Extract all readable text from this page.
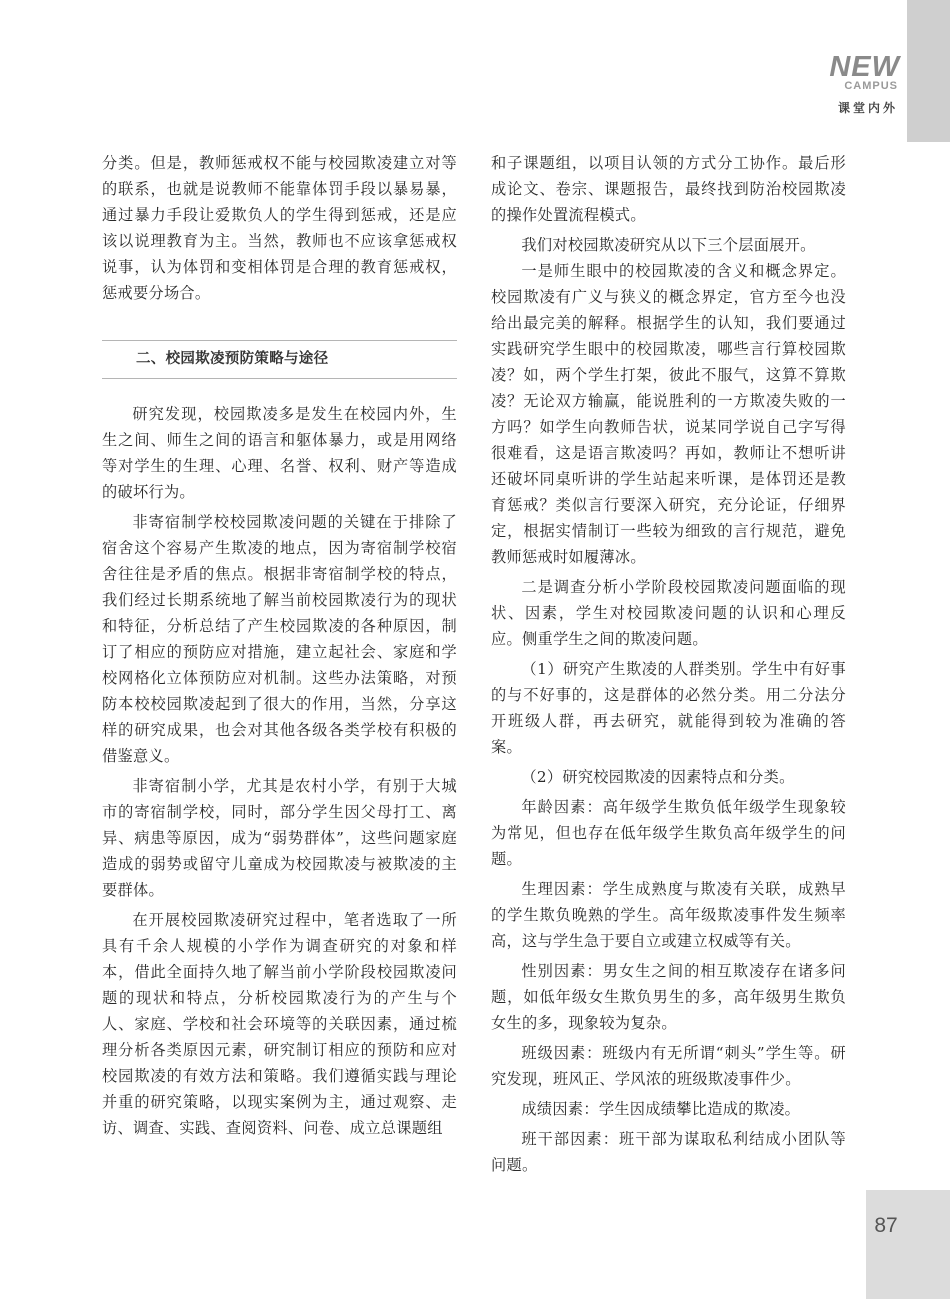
NEW
CAMPUS
课堂内外

分类。但是，教师惩戒权不能与校园欺凌建立对等的联系，也就是说教师不能靠体罚手段以暴易暴，通过暴力手段让爱欺负人的学生得到惩戒，还是应该以说理教育为主。当然，教师也不应该拿惩戒权说事，认为体罚和变相体罚是合理的教育惩戒权，惩戒要分场合。

二、校园欺凌预防策略与途径

研究发现，校园欺凌多是发生在校园内外，生生之间、师生之间的语言和躯体暴力，或是用网络等对学生的生理、心理、名誉、权利、财产等造成的破坏行为。

非寄宿制学校校园欺凌问题的关键在于排除了宿舍这个容易产生欺凌的地点，因为寄宿制学校宿舍往往是矛盾的焦点。根据非寄宿制学校的特点，我们经过长期系统地了解当前校园欺凌行为的现状和特征，分析总结了产生校园欺凌的各种原因，制订了相应的预防应对措施，建立起社会、家庭和学校网格化立体预防应对机制。这些办法策略，对预防本校校园欺凌起到了很大的作用，当然，分享这样的研究成果，也会对其他各级各类学校有积极的借鉴意义。

非寄宿制小学，尤其是农村小学，有别于大城市的寄宿制学校，同时，部分学生因父母打工、离异、病患等原因，成为“弱势群体”，这些问题家庭造成的弱势或留守儿童成为校园欺凌与被欺凌的主要群体。

在开展校园欺凌研究过程中，笔者选取了一所具有千余人规模的小学作为调查研究的对象和样本，借此全面持久地了解当前小学阶段校园欺凌问题的现状和特点，分析校园欺凌行为的产生与个人、家庭、学校和社会环境等的关联因素，通过梳理分析各类原因元素，研究制订相应的预防和应对校园欺凌的有效方法和策略。我们遵循实践与理论并重的研究策略，以现实案例为主，通过观察、走访、调查、实践、查阅资料、问卷、成立总课题组

和子课题组，以项目认领的方式分工协作。最后形成论文、卷宗、课题报告，最终找到防治校园欺凌的操作处置流程模式。

我们对校园欺凌研究从以下三个层面展开。

一是师生眼中的校园欺凌的含义和概念界定。校园欺凌有广义与狭义的概念界定，官方至今也没给出最完美的解释。根据学生的认知，我们要通过实践研究学生眼中的校园欺凌，哪些言行算校园欺凌？如，两个学生打架，彼此不服气，这算不算欺凌？无论双方输赢，能说胜利的一方欺凌失败的一方吗？如学生向教师告状，说某同学说自己字写得很难看，这是语言欺凌吗？再如，教师让不想听讲还破坏同桌听讲的学生站起来听课，是体罚还是教育惩戒？类似言行要深入研究，充分论证，仔细界定，根据实情制订一些较为细致的言行规范，避免教师惩戒时如履薄冰。

二是调查分析小学阶段校园欺凌问题面临的现状、因素，学生对校园欺凌问题的认识和心理反应。侧重学生之间的欺凌问题。

（1）研究产生欺凌的人群类别。学生中有好事的与不好事的，这是群体的必然分类。用二分法分开班级人群，再去研究，就能得到较为准确的答案。

（2）研究校园欺凌的因素特点和分类。

年龄因素：高年级学生欺负低年级学生现象较为常见，但也存在低年级学生欺负高年级学生的问题。

生理因素：学生成熟度与欺凌有关联，成熟早的学生欺负晚熟的学生。高年级欺凌事件发生频率高，这与学生急于要自立或建立权威等有关。

性别因素：男女生之间的相互欺凌存在诸多问题，如低年级女生欺负男生的多，高年级男生欺负女生的多，现象较为复杂。

班级因素：班级内有无所谓“刺头”学生等。研究发现，班风正、学风浓的班级欺凌事件少。

成绩因素：学生因成绩攀比造成的欺凌。

班干部因素：班干部为谋取私利结成小团队等问题。

87
